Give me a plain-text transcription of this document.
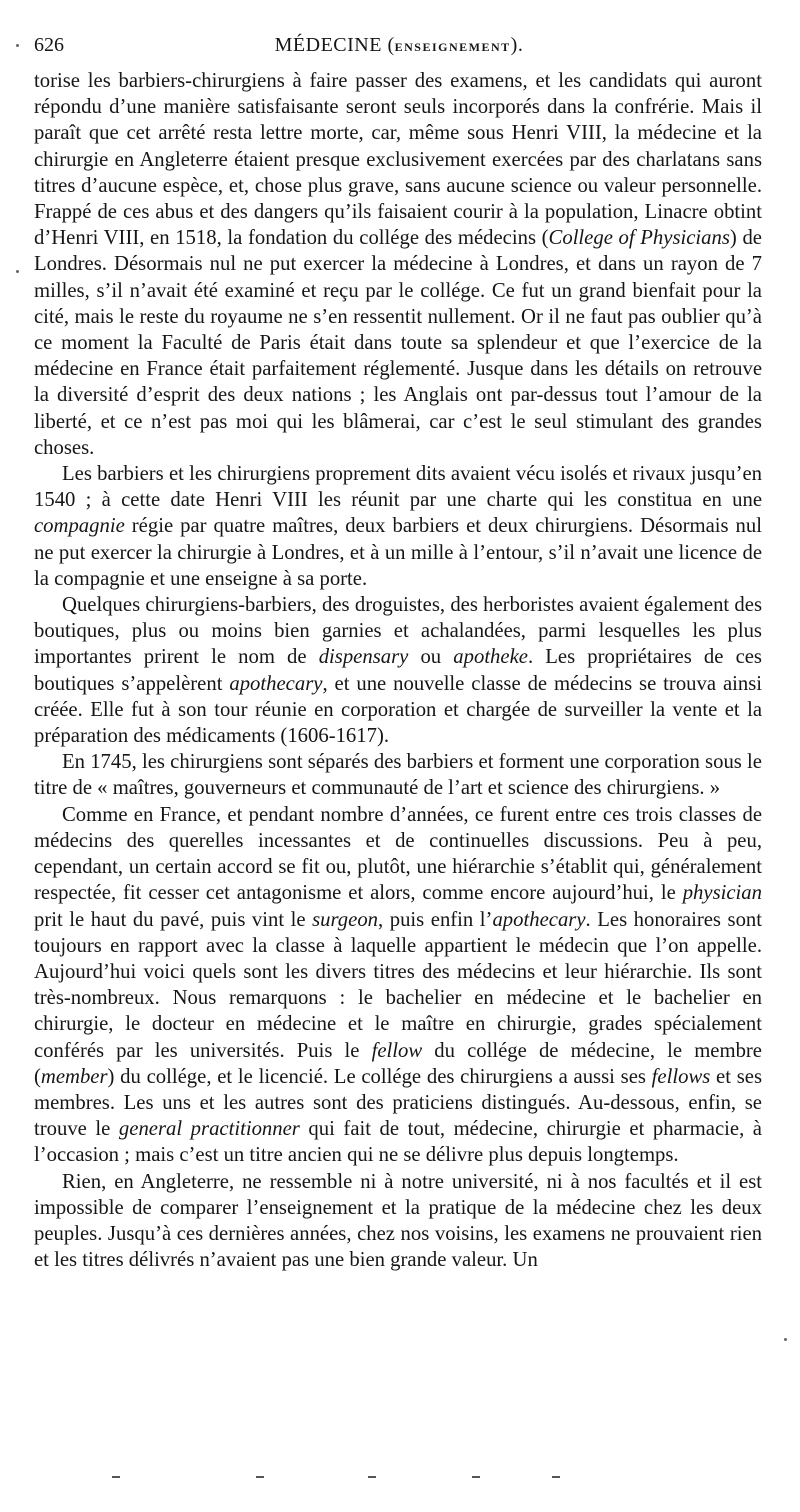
626	MÉDECINE (ENSEIGNEMENT).

torise les barbiers-chirurgiens à faire passer des examens, et les candidats qui auront répondu d’une manière satisfaisante seront seuls incorporés dans la confrérie. Mais il paraît que cet arrêté resta lettre morte, car, même sous Henri VIII, la médecine et la chirurgie en Angleterre étaient presque exclusivement exercées par des charlatans sans titres d’aucune espèce, et, chose plus grave, sans aucune science ou valeur personnelle. Frappé de ces abus et des dangers qu’ils faisaient courir à la population, Linacre obtint d’Henri VIII, en 1518, la fondation du collége des médecins (College of Physicians) de Londres. Désormais nul ne put exercer la médecine à Londres, et dans un rayon de 7 milles, s’il n’avait été examiné et reçu par le collége. Ce fut un grand bienfait pour la cité, mais le reste du royaume ne s’en ressentit nullement. Or il ne faut pas oublier qu’à ce moment la Faculté de Paris était dans toute sa splendeur et que l’exercice de la médecine en France était parfaitement réglementé. Jusque dans les détails on retrouve la diversité d’esprit des deux nations ; les Anglais ont par-dessus tout l’amour de la liberté, et ce n’est pas moi qui les blâmerai, car c’est le seul stimulant des grandes choses.

Les barbiers et les chirurgiens proprement dits avaient vécu isolés et rivaux jusqu’en 1540 ; à cette date Henri VIII les réunit par une charte qui les constitua en une compagnie régie par quatre maîtres, deux barbiers et deux chirurgiens. Désormais nul ne put exercer la chirurgie à Londres, et à un mille à l’entour, s’il n’avait une licence de la compagnie et une enseigne à sa porte.

Quelques chirurgiens-barbiers, des droguistes, des herboristes avaient également des boutiques, plus ou moins bien garnies et achalandées, parmi lesquelles les plus importantes prirent le nom de dispensary ou apotheke. Les propriétaires de ces boutiques s’appelèrent apothecary, et une nouvelle classe de médecins se trouva ainsi créée. Elle fut à son tour réunie en corporation et chargée de surveiller la vente et la préparation des médicaments (1606-1617).

En 1745, les chirurgiens sont séparés des barbiers et forment une corporation sous le titre de « maîtres, gouverneurs et communauté de l’art et science des chirurgiens. »

Comme en France, et pendant nombre d’années, ce furent entre ces trois classes de médecins des querelles incessantes et de continuelles discussions. Peu à peu, cependant, un certain accord se fit ou, plutôt, une hiérarchie s’établit qui, généralement respectée, fit cesser cet antagonisme et alors, comme encore aujourd’hui, le physician prit le haut du pavé, puis vint le surgeon, puis enfin l’apothecary. Les honoraires sont toujours en rapport avec la classe à laquelle appartient le médecin que l’on appelle. Aujourd’hui voici quels sont les divers titres des médecins et leur hiérarchie. Ils sont très-nombreux. Nous remarquons : le bachelier en médecine et le bachelier en chirurgie, le docteur en médecine et le maître en chirurgie, grades spécialement conférés par les universités. Puis le fellow du collége de médecine, le membre (member) du collége, et le licencié. Le collége des chirurgiens a aussi ses fellows et ses membres. Les uns et les autres sont des praticiens distingués. Au-dessous, enfin, se trouve le general practitionner qui fait de tout, médecine, chirurgie et pharmacie, à l’occasion ; mais c’est un titre ancien qui ne se délivre plus depuis longtemps.

Rien, en Angleterre, ne ressemble ni à notre université, ni à nos facultés et il est impossible de comparer l’enseignement et la pratique de la médecine chez les deux peuples. Jusqu’à ces dernières années, chez nos voisins, les examens ne prouvaient rien et les titres délivrés n’avaient pas une bien grande valeur. Un
